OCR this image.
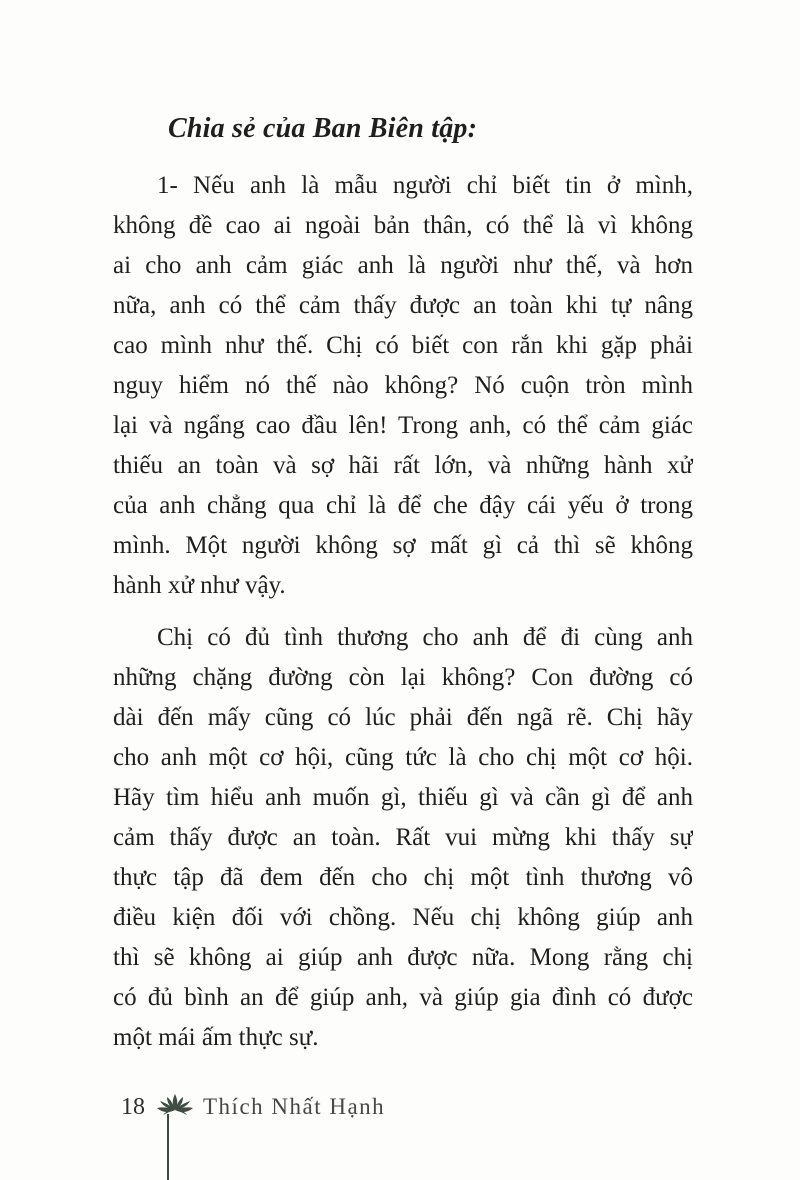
Chia sẻ của Ban Biên tập:
1- Nếu anh là mẫu người chỉ biết tin ở mình,
không đề cao ai ngoài bản thân, có thể là vì không
ai cho anh cảm giác anh là người như thế, và hơn
nữa, anh có thể cảm thấy được an toàn khi tự nâng
cao mình như thế. Chị có biết con rắn khi gặp phải
nguy hiểm nó thế nào không? Nó cuộn tròn mình
lại và ngẩng cao đầu lên! Trong anh, có thể cảm giác
thiếu an toàn và sợ hãi rất lớn, và những hành xử
của anh chẳng qua chỉ là để che đậy cái yếu ở trong
mình. Một người không sợ mất gì cả thì sẽ không
hành xử như vậy.
Chị có đủ tình thương cho anh để đi cùng anh
những chặng đường còn lại không? Con đường có
dài đến mấy cũng có lúc phải đến ngã rẽ. Chị hãy
cho anh một cơ hội, cũng tức là cho chị một cơ hội.
Hãy tìm hiểu anh muốn gì, thiếu gì và cần gì để anh
cảm thấy được an toàn. Rất vui mừng khi thấy sự
thực tập đã đem đến cho chị một tình thương vô
điều kiện đối với chồng. Nếu chị không giúp anh
thì sẽ không ai giúp anh được nữa. Mong rằng chị
có đủ bình an để giúp anh, và giúp gia đình có được
một mái ấm thực sự.
18	Thích Nhất Hạnh
